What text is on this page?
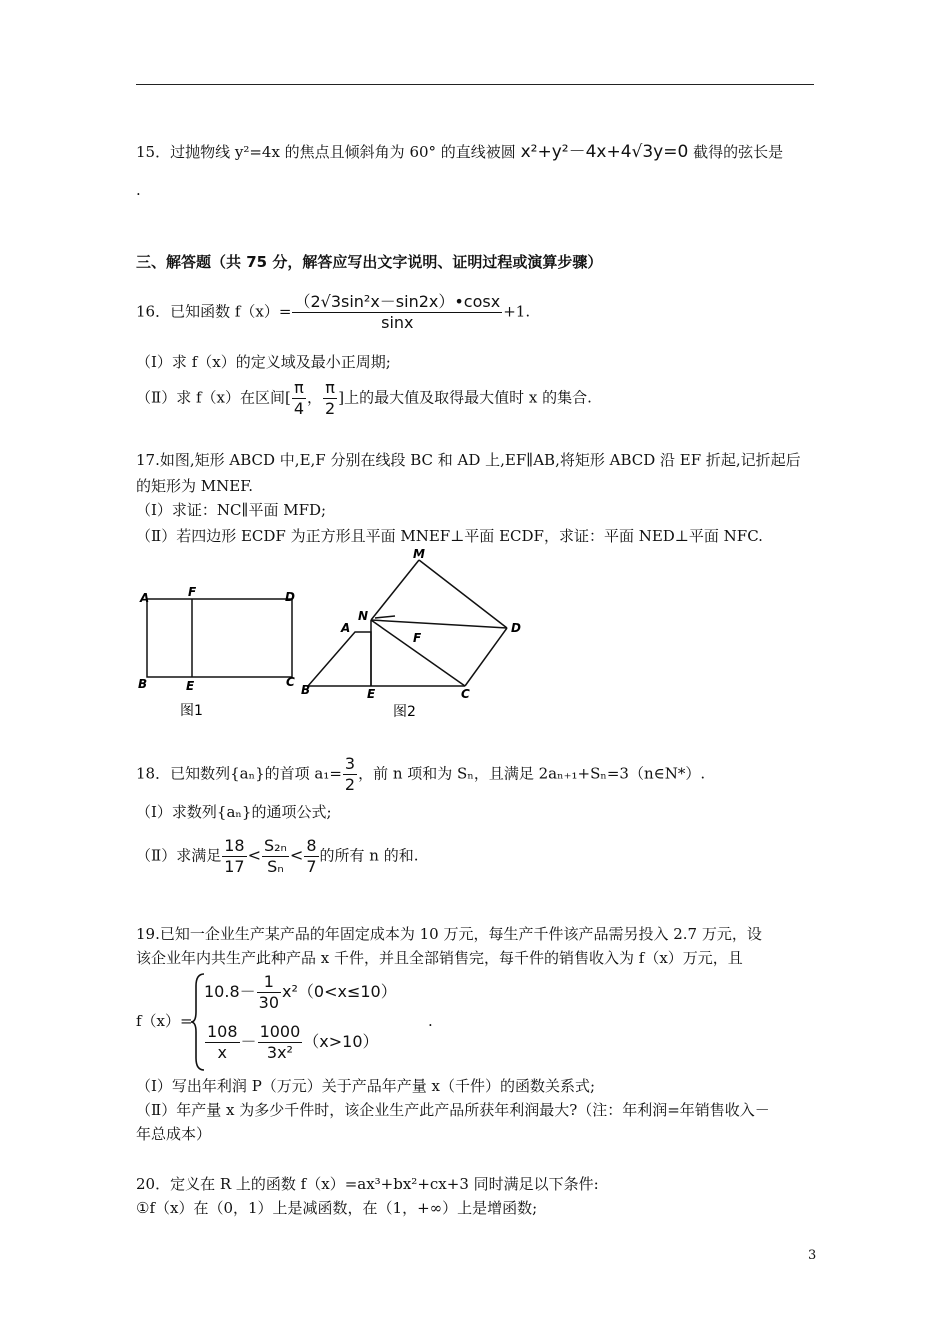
15．过抛物线 y²=4x 的焦点且倾斜角为 60° 的直线被圆 x²+y²－4x+4√3y=0 截得的弦长是
.
三、解答题（共 75 分，解答应写出文字说明、证明过程或演算步骤）
16．已知函数 $f(x)= \frac{\text{（2√3sin²x－sin2x）•cosx}}{\sin x} +1$.
（Ⅰ）求 f（x）的定义域及最小正周期;
（Ⅱ）求 f（x）在区间[ $\frac{\pi}{4}$ ， $\frac{\pi}{2}$ ]上的最大值及取得最大值时 x 的集合.
17.如图,矩形 ABCD 中,E,F 分别在线段 BC 和 AD 上,EF∥AB,将矩形 ABCD 沿 EF 折起,记折起后
的矩形为 MNEF.
（Ⅰ）求证：NC∥平面 MFD;
（Ⅱ）若四边形 ECDF 为正方形且平面 MNEF⊥平面 ECDF，求证：平面 NED⊥平面 NFC.
A	F	D
B	E	C
图1
M
N
A
F
D
B	E	C
图2
18．已知数列{aₙ}的首项 $a_1= \frac{3}{2}$ ，前 n 项和为 Sₙ，且满足 2aₙ₊₁+Sₙ=3（n∈N*）.
（Ⅰ）求数列{aₙ}的通项公式;
（Ⅱ）求满足 $\frac{18}{17} < \frac{\text{S₂ₙ}}{\text{Sₙ}} < \frac{8}{7}$ 的所有 n 的和.
19.已知一企业生产某产品的年固定成本为 10 万元，每生产千件该产品需另投入 2.7 万元，设
该企业年内共生产此种产品 x 千件，并且全部销售完，每千件的销售收入为 f（x）万元，且
f（x）=
$10.8- \frac{1}{30} x^2(0<x\le 10)$
$\frac{108}{x} - \frac{1000}{\text{3x²}} (x>10)$
.
（Ⅰ）写出年利润 P（万元）关于产品年产量 x（千件）的函数关系式;
（Ⅱ）年产量 x 为多少千件时，该企业生产此产品所获年利润最大?（注：年利润=年销售收入－
年总成本）
20．定义在 R 上的函数 f（x）=ax³+bx²+cx+3 同时满足以下条件:
①f（x）在（0，1）上是减函数，在（1，+∞）上是增函数;
3
